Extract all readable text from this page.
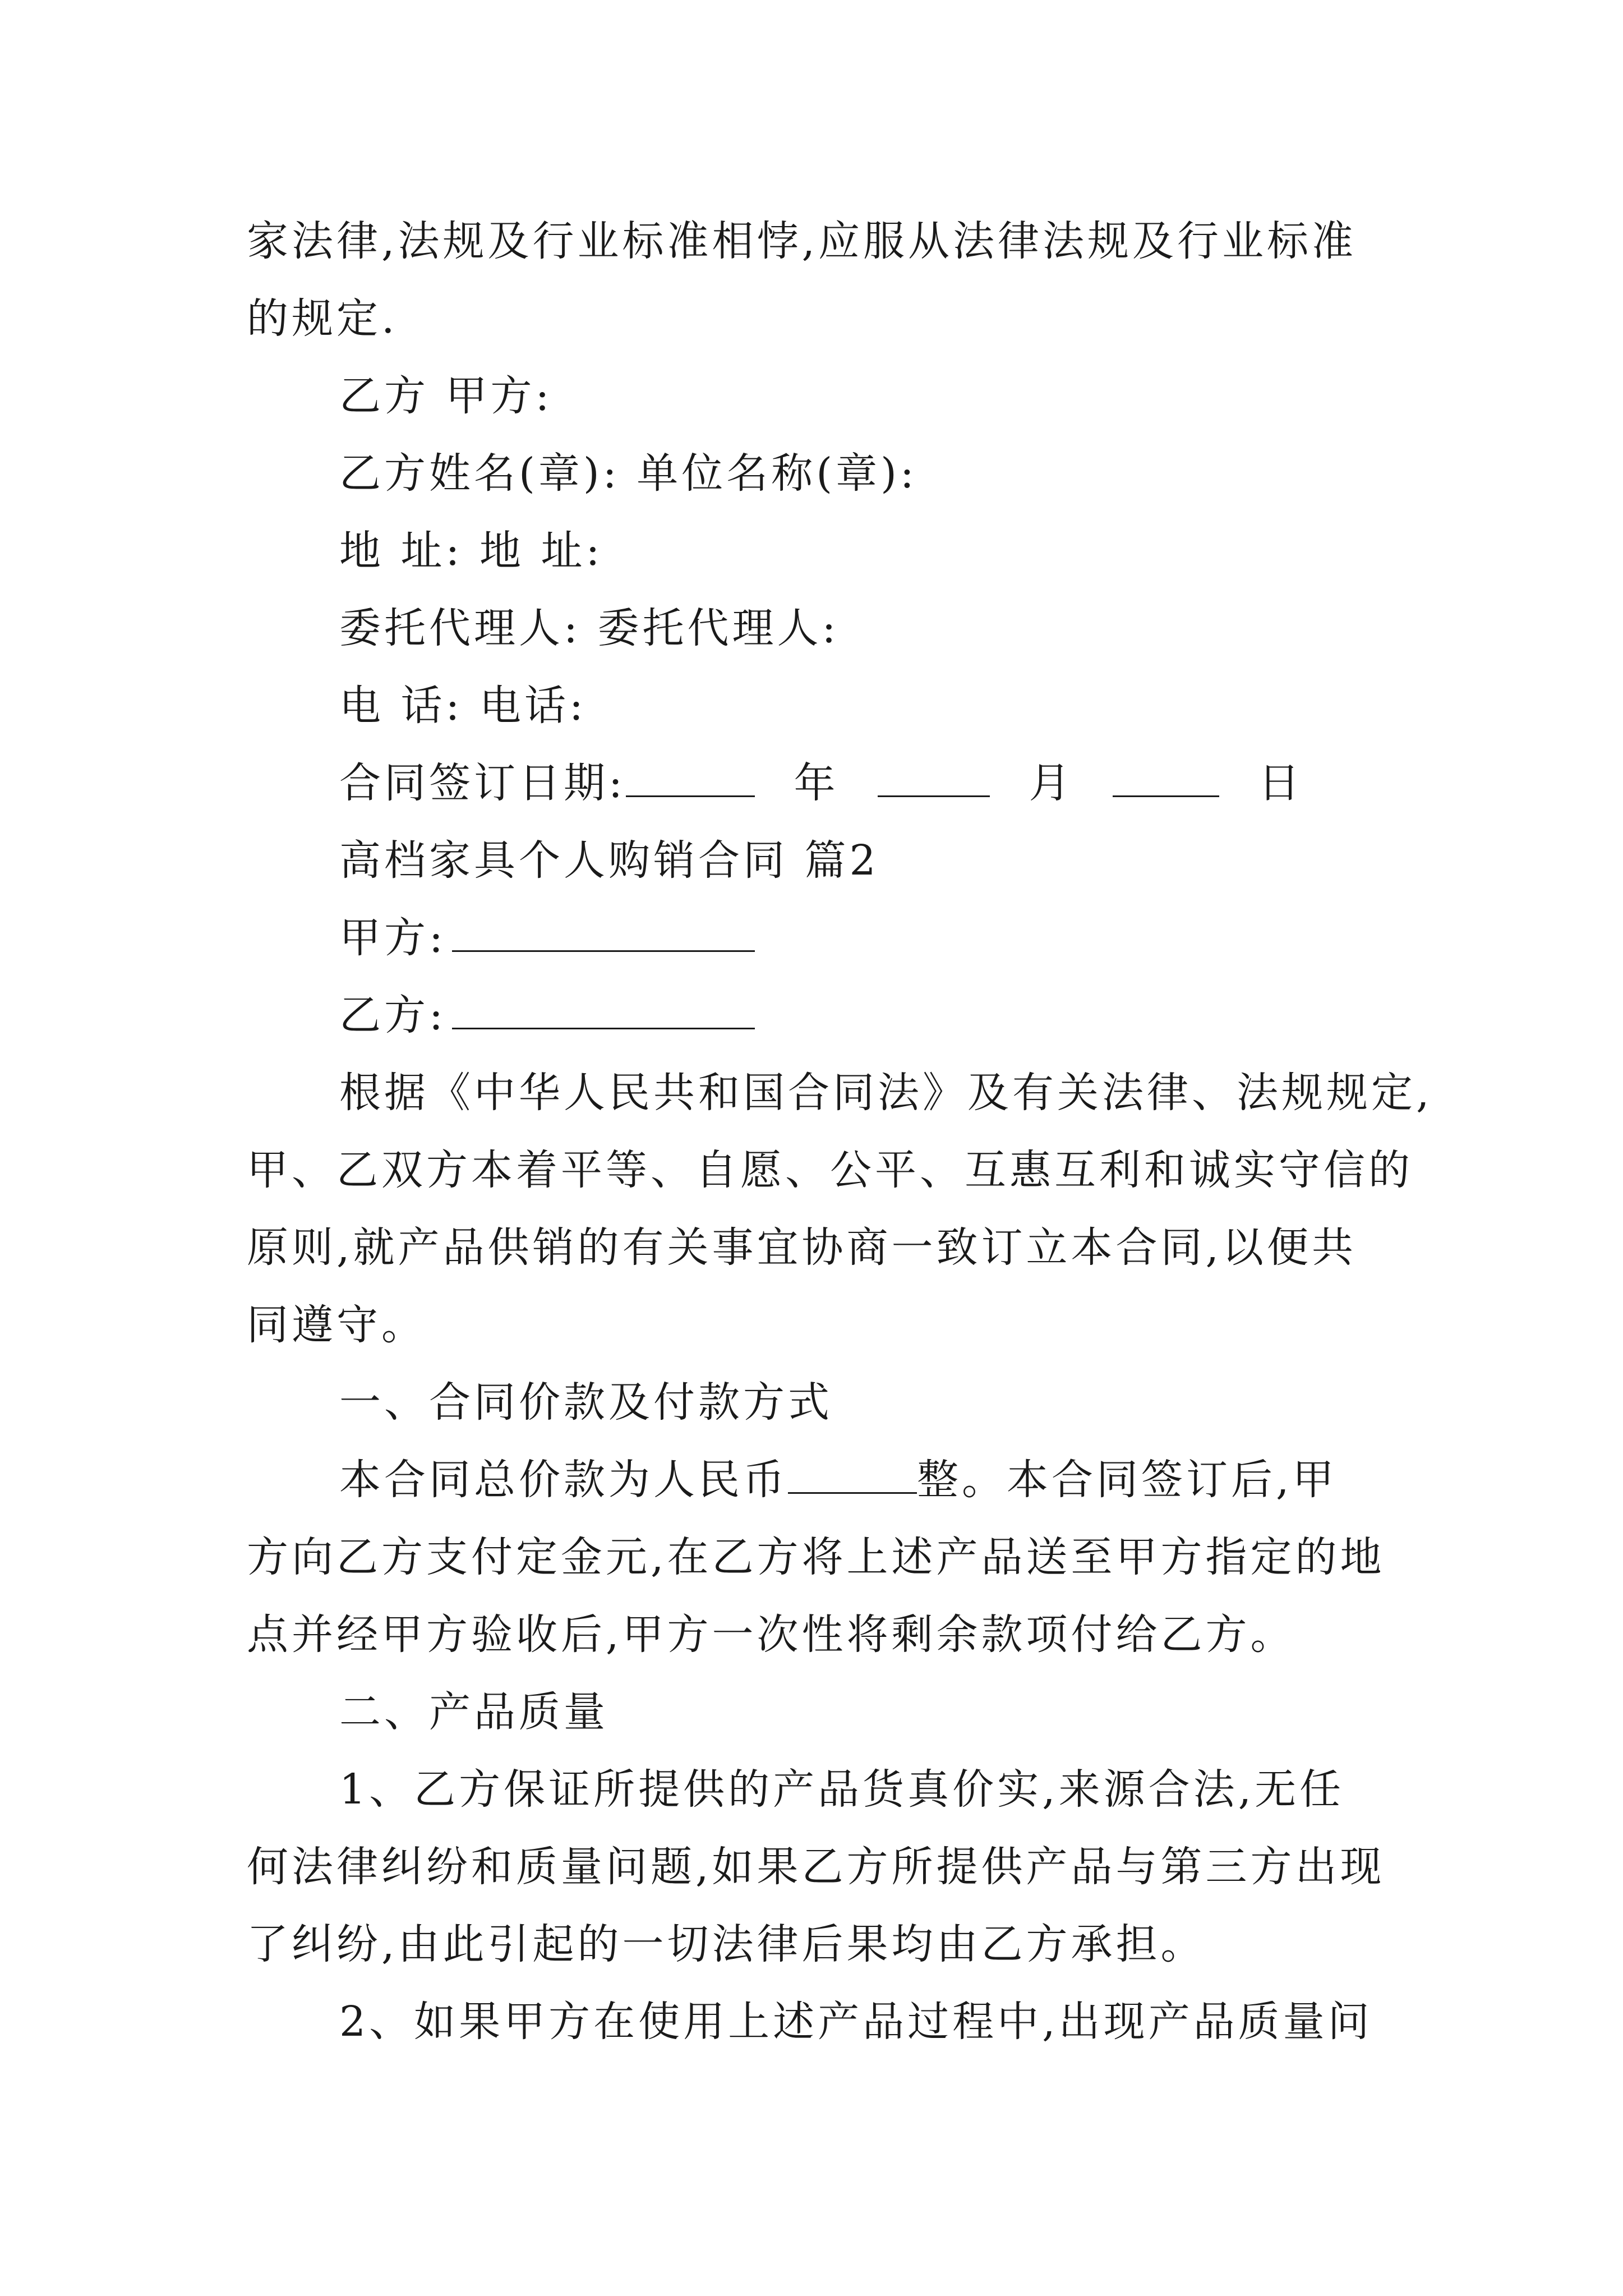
家法律,法规及行业标准相悖,应服从法律法规及行业标准
的规定.
乙方 甲方:
乙方姓名(章): 单位名称(章):
地 址: 地 址:
委托代理人: 委托代理人:
电 话: 电话:
合同签订日期:	年	月	日
高档家具个人购销合同 篇2
甲方:
乙方:
根据《中华人民共和国合同法》及有关法律、法规规定,
甲、乙双方本着平等、自愿、公平、互惠互利和诚实守信的
原则,就产品供销的有关事宜协商一致订立本合同,以便共
同遵守。
一、合同价款及付款方式
本合同总价款为人民币	整。本合同签订后,甲
方向乙方支付定金元,在乙方将上述产品送至甲方指定的地
点并经甲方验收后,甲方一次性将剩余款项付给乙方。
二、产品质量
1、乙方保证所提供的产品货真价实,来源合法,无任
何法律纠纷和质量问题,如果乙方所提供产品与第三方出现
了纠纷,由此引起的一切法律后果均由乙方承担。
2、如果甲方在使用上述产品过程中,出现产品质量问
